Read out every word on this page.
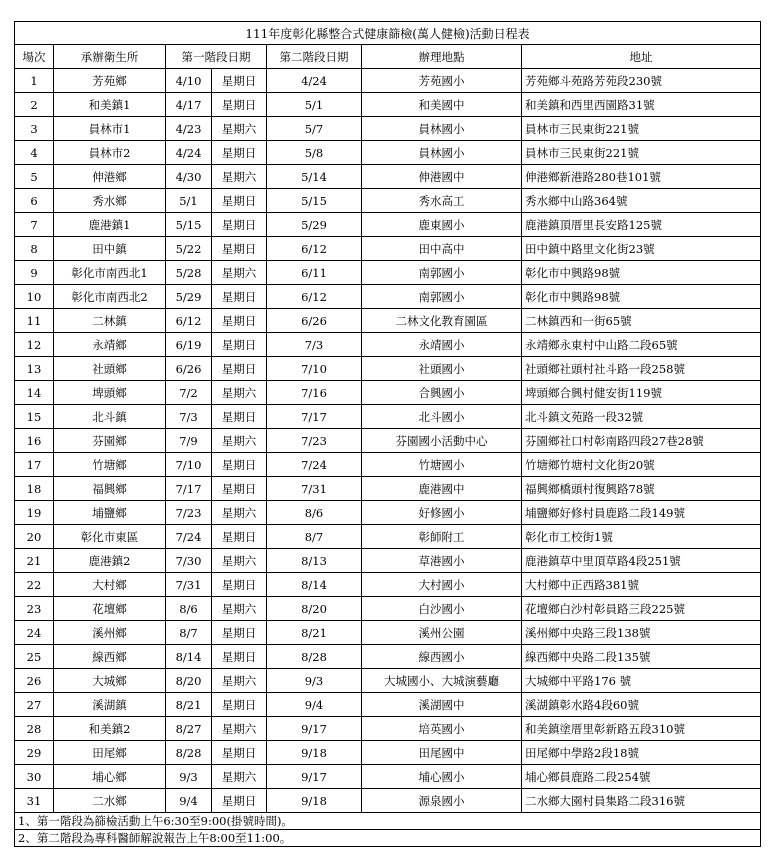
111年度彰化縣整合式健康篩檢(萬人健檢)活動日程表						
場次	承辦衛生所	第一階段日期		第二階段日期	辦理地點	地址
1	芳苑鄉	4/10	星期日	4/24	芳苑國小	芳苑鄉斗苑路芳苑段230號
2	和美鎮1	4/17	星期日	5/1	和美國中	和美鎮和西里西園路31號
3	員林市1	4/23	星期六	5/7	員林國小	員林市三民東街221號
4	員林市2	4/24	星期日	5/8	員林國小	員林市三民東街221號
5	伸港鄉	4/30	星期六	5/14	伸港國中	伸港鄉新港路280巷101號
6	秀水鄉	5/1	星期日	5/15	秀水高工	秀水鄉中山路364號
7	鹿港鎮1	5/15	星期日	5/29	鹿東國小	鹿港鎮頂厝里長安路125號
8	田中鎮	5/22	星期日	6/12	田中高中	田中鎮中路里文化街23號
9	彰化市南西北1	5/28	星期六	6/11	南郭國小	彰化市中興路98號
10	彰化市南西北2	5/29	星期日	6/12	南郭國小	彰化市中興路98號
11	二林鎮	6/12	星期日	6/26	二林文化教育園區	二林鎮西和一街65號
12	永靖鄉	6/19	星期日	7/3	永靖國小	永靖鄉永東村中山路二段65號
13	社頭鄉	6/26	星期日	7/10	社頭國小	社頭鄉社頭村社斗路一段258號
14	埤頭鄉	7/2	星期六	7/16	合興國小	埤頭鄉合興村健安街119號
15	北斗鎮	7/3	星期日	7/17	北斗國小	北斗鎮文苑路一段32號
16	芬園鄉	7/9	星期六	7/23	芬園國小活動中心	芬園鄉社口村彰南路四段27巷28號
17	竹塘鄉	7/10	星期日	7/24	竹塘國小	竹塘鄉竹塘村文化街20號
18	福興鄉	7/17	星期日	7/31	鹿港國中	福興鄉橋頭村復興路78號
19	埔鹽鄉	7/23	星期六	8/6	好修國小	埔鹽鄉好修村員鹿路二段149號
20	彰化市東區	7/24	星期日	8/7	彰師附工	彰化市工校街1號
21	鹿港鎮2	7/30	星期六	8/13	草港國小	鹿港鎮草中里頂草路4段251號
22	大村鄉	7/31	星期日	8/14	大村國小	大村鄉中正西路381號
23	花壇鄉	8/6	星期六	8/20	白沙國小	花壇鄉白沙村彰員路三段225號
24	溪州鄉	8/7	星期日	8/21	溪州公園	溪州鄉中央路三段138號
25	線西鄉	8/14	星期日	8/28	線西國小	線西鄉中央路二段135號
26	大城鄉	8/20	星期六	9/3	大城國小、大城演藝廳	大城鄉中平路176 號
27	溪湖鎮	8/21	星期日	9/4	溪湖國中	溪湖鎮彰水路4段60號
28	和美鎮2	8/27	星期六	9/17	培英國小	和美鎮塗厝里彰新路五段310號
29	田尾鄉	8/28	星期日	9/18	田尾國中	田尾鄉中學路2段18號
30	埔心鄉	9/3	星期六	9/17	埔心國小	埔心鄉員鹿路二段254號
31	二水鄉	9/4	星期日	9/18	源泉國小	二水鄉大園村員集路二段316號
1、第一階段為篩檢活動上午6:30至9:00(掛號時間)。						
2、第二階段為專科醫師解說報告上午8:00至11:00。						
